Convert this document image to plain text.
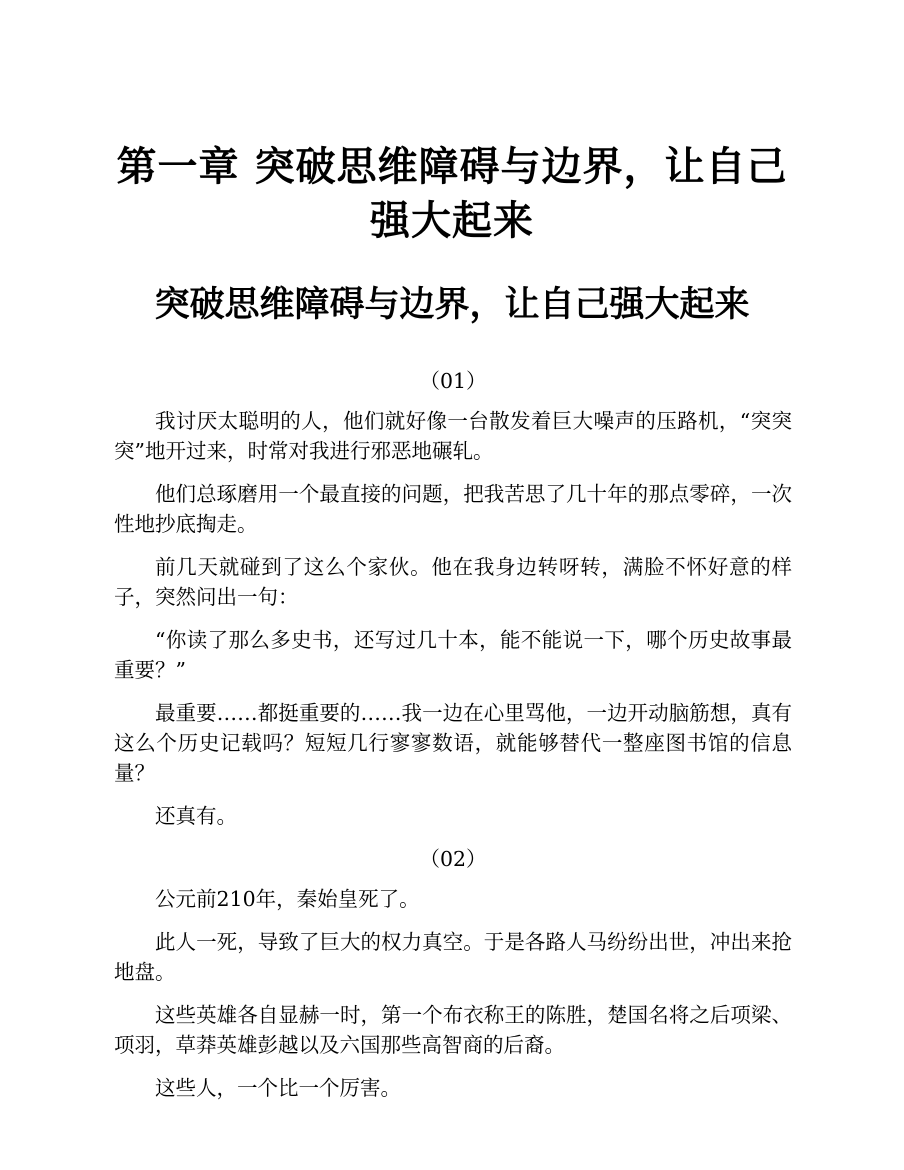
第一章 突破思维障碍与边界，让自己强大起来
突破思维障碍与边界，让自己强大起来
（01）

我讨厌太聪明的人，他们就好像一台散发着巨大噪声的压路机，“突突突”地开过来，时常对我进行邪恶地碾轧。

他们总琢磨用一个最直接的问题，把我苦思了几十年的那点零碎，一次性地抄底掏走。

前几天就碰到了这么个家伙。他在我身边转呀转，满脸不怀好意的样子，突然问出一句：

“你读了那么多史书，还写过几十本，能不能说一下，哪个历史故事最重要？”

最重要……都挺重要的……我一边在心里骂他，一边开动脑筋想，真有这么个历史记载吗？短短几行寥寥数语，就能够替代一整座图书馆的信息量？

还真有。

（02）

公元前210年，秦始皇死了。

此人一死，导致了巨大的权力真空。于是各路人马纷纷出世，冲出来抢地盘。

这些英雄各自显赫一时，第一个布衣称王的陈胜，楚国名将之后项梁、项羽，草莽英雄彭越以及六国那些高智商的后裔。

这些人，一个比一个厉害。
